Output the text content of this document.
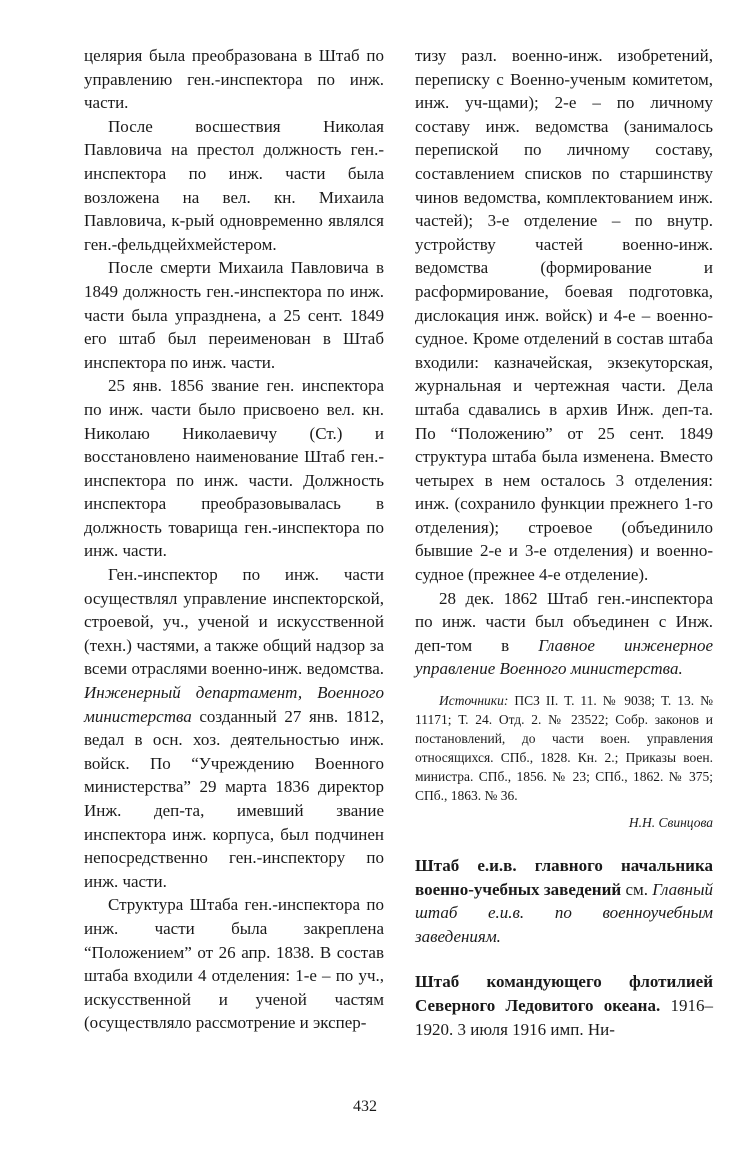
целярия была преобразована в Штаб по управлению ген.-инспектора по инж. части.

После восшествия Николая Павловича на престол должность ген.-инспектора по инж. части была возложена на вел. кн. Михаила Павловича, к-рый одновременно являлся ген.-фельдцейхмейстером.

После смерти Михаила Павловича в 1849 должность ген.-инспектора по инж. части была упразднена, а 25 сент. 1849 его штаб был переименован в Штаб инспектора по инж. части.

25 янв. 1856 звание ген. инспектора по инж. части было присвоено вел. кн. Николаю Николаевичу (Ст.) и восстановлено наименование Штаб ген.-инспектора по инж. части. Должность инспектора преобразовывалась в должность товарища ген.-инспектора по инж. части.

Ген.-инспектор по инж. части осуществлял управление инспекторской, строевой, уч., ученой и искусственной (техн.) частями, а также общий надзор за всеми отраслями военно-инж. ведомства. Инженерный департамент, Военного министерства созданный 27 янв. 1812, ведал в осн. хоз. деятельностью инж. войск. По “Учреждению Военного министерства” 29 марта 1836 директор Инж. деп-та, имевший звание инспектора инж. корпуса, был подчинен непосредственно ген.-инспектору по инж. части.

Структура Штаба ген.-инспектора по инж. части была закреплена “Положением” от 26 апр. 1838. В состав штаба входили 4 отделения: 1-е – по уч., искусственной и ученой частям (осуществляло рассмотрение и экспер-

тизу разл. военно-инж. изобретений, переписку с Военно-ученым комитетом, инж. уч-щами); 2-е – по личному составу инж. ведомства (занималось перепиской по личному составу, составлением списков по старшинству чинов ведомства, комплектованием инж. частей); 3-е отделение – по внутр. устройству частей военно-инж. ведомства (формирование и расформирование, боевая подготовка, дислокация инж. войск) и 4-е – военно-судное. Кроме отделений в состав штаба входили: казначейская, экзекуторская, журнальная и чертежная части. Дела штаба сдавались в архив Инж. деп-та. По “Положению” от 25 сент. 1849 структура штаба была изменена. Вместо четырех в нем осталось 3 отделения: инж. (сохранило функции прежнего 1-го отделения); строевое (объединило бывшие 2-е и 3-е отделения) и военно-судное (прежнее 4-е отделение).

28 дек. 1862 Штаб ген.-инспектора по инж. части был объединен с Инж. деп-том в Главное инженерное управление Военного министерства.

Источники: ПСЗ II. Т. 11. № 9038; Т. 13. № 11171; Т. 24. Отд. 2. № 23522; Собр. законов и постановлений, до части воен. управления относящихся. СПб., 1828. Кн. 2.; Приказы воен. министра. СПб., 1856. № 23; СПб., 1862. № 375; СПб., 1863. № 36.

Н.Н. Свинцова

Штаб е.и.в. главного начальника военно-учебных заведений см. Главный штаб е.и.в. по военноучебным заведениям.

Штаб командующего флотилией Северного Ледовитого океана. 1916–1920. 3 июля 1916 имп. Ни-

432
